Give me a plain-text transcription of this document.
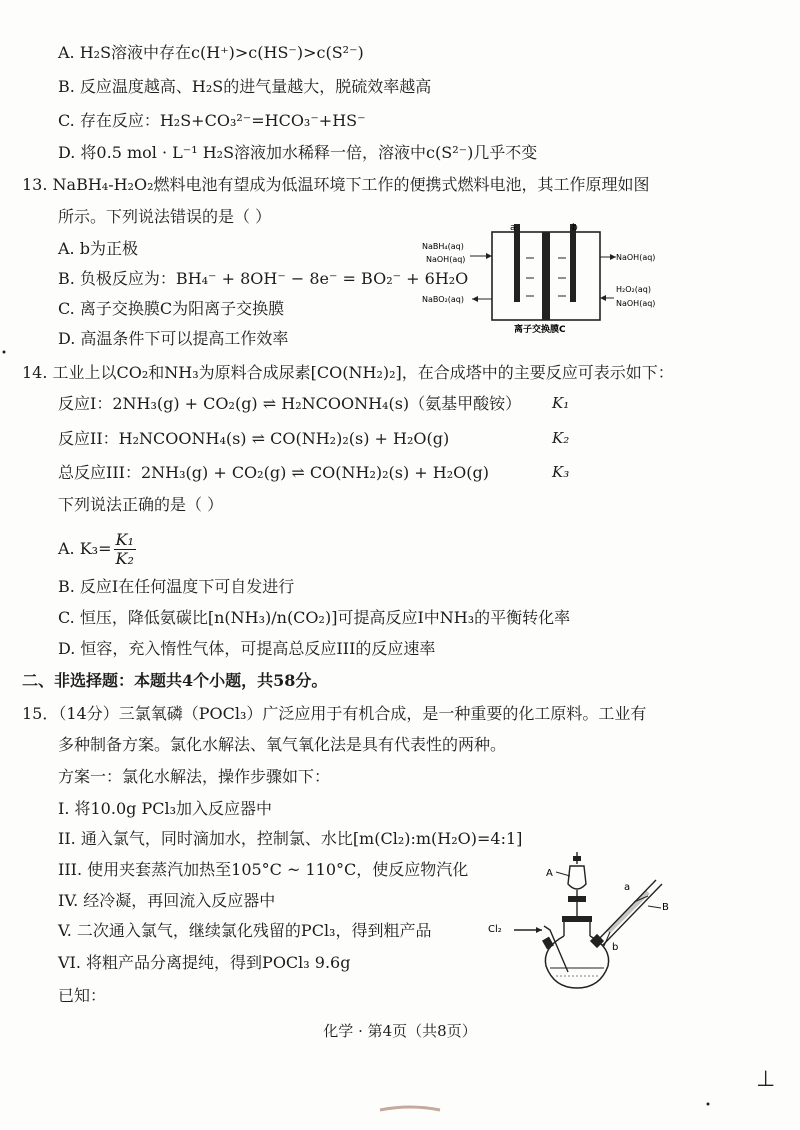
A. H₂S溶液中存在c(H⁺)>c(HS⁻)>c(S²⁻)
B. 反应温度越高、H₂S的进气量越大，脱硫效率越高
C. 存在反应：H₂S+CO₃²⁻=HCO₃⁻+HS⁻
D. 将0.5 mol · L⁻¹ H₂S溶液加水稀释一倍，溶液中c(S²⁻)几乎不变
13. NaBH₄-H₂O₂燃料电池有望成为低温环境下工作的便携式燃料电池，其工作原理如图
所示。下列说法错误的是（ ）
A. b为正极
B. 负极反应为：BH₄⁻ + 8OH⁻ − 8e⁻ = BO₂⁻ + 6H₂O
C. 离子交换膜C为阳离子交换膜
D. 高温条件下可以提高工作效率
a	b
NaBH₄(aq)
NaOH(aq)
NaBO₂(aq)
NaOH(aq)
H₂O₂(aq)
NaOH(aq)
离子交换膜C
14. 工业上以CO₂和NH₃为原料合成尿素[CO(NH₂)₂]，在合成塔中的主要反应可表示如下：
反应I：2NH₃(g) + CO₂(g) ⇌ H₂NCOONH₄(s)（氨基甲酸铵） K₁
反应II：H₂NCOONH₄(s) ⇌ CO(NH₂)₂(s) + H₂O(g)	K₂
总反应III：2NH₃(g) + CO₂(g) ⇌ CO(NH₂)₂(s) + H₂O(g)	K₃
下列说法正确的是（ ）
A. $K_3= \frac{\text{K₁}}{\text{K₂}}$
B. 反应I在任何温度下可自发进行
C. 恒压，降低氨碳比[n(NH₃)/n(CO₂)]可提高反应I中NH₃的平衡转化率
D. 恒容，充入惰性气体，可提高总反应III的反应速率
二、非选择题：本题共4个小题，共58分。
15．（14分）三氯氧磷（POCl₃）广泛应用于有机合成，是一种重要的化工原料。工业有
多种制备方案。氯化水解法、氧气氧化法是具有代表性的两种。
方案一：氯化水解法，操作步骤如下：
I. 将10.0g PCl₃加入反应器中
II. 通入氯气，同时滴加水，控制氯、水比[m(Cl₂):m(H₂O)=4:1]
III. 使用夹套蒸汽加热至105°C ~ 110°C，使反应物汽化
IV. 经冷凝，再回流入反应器中
V. 二次通入氯气，继续氯化残留的PCl₃，得到粗产品
VI. 将粗产品分离提纯，得到POCl₃ 9.6g
已知：
A
a
B
b
Cl₂
化学 · 第4页（共8页）
⊥
